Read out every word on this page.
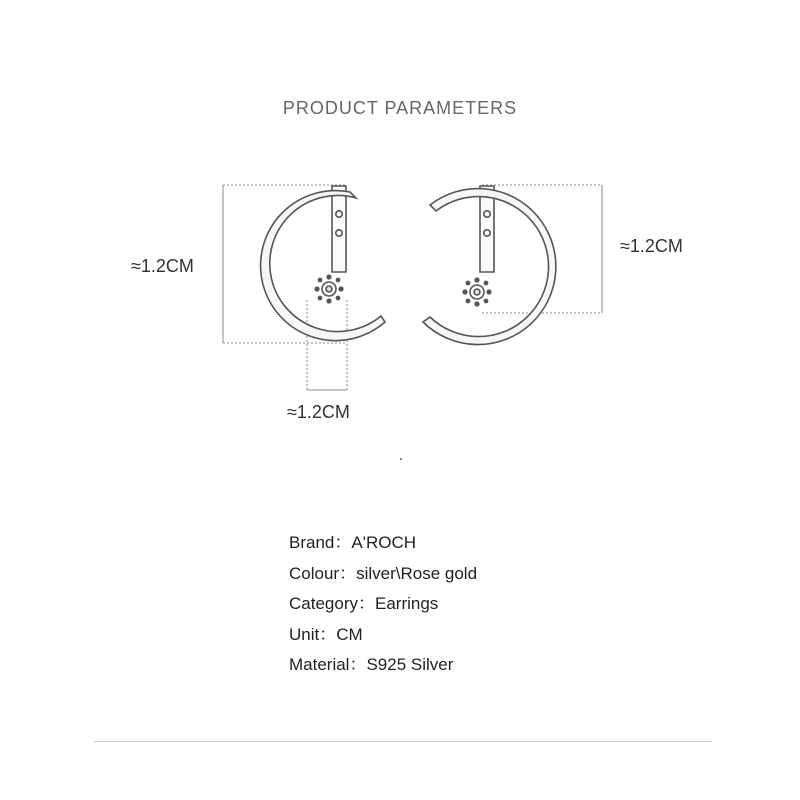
PRODUCT PARAMETERS
≈1.2CM
≈1.2CM
≈1.2CM
Brand：A'ROCH
Colour：silver\Rose gold
Category：Earrings
Unit：CM
Material：S925 Silver
